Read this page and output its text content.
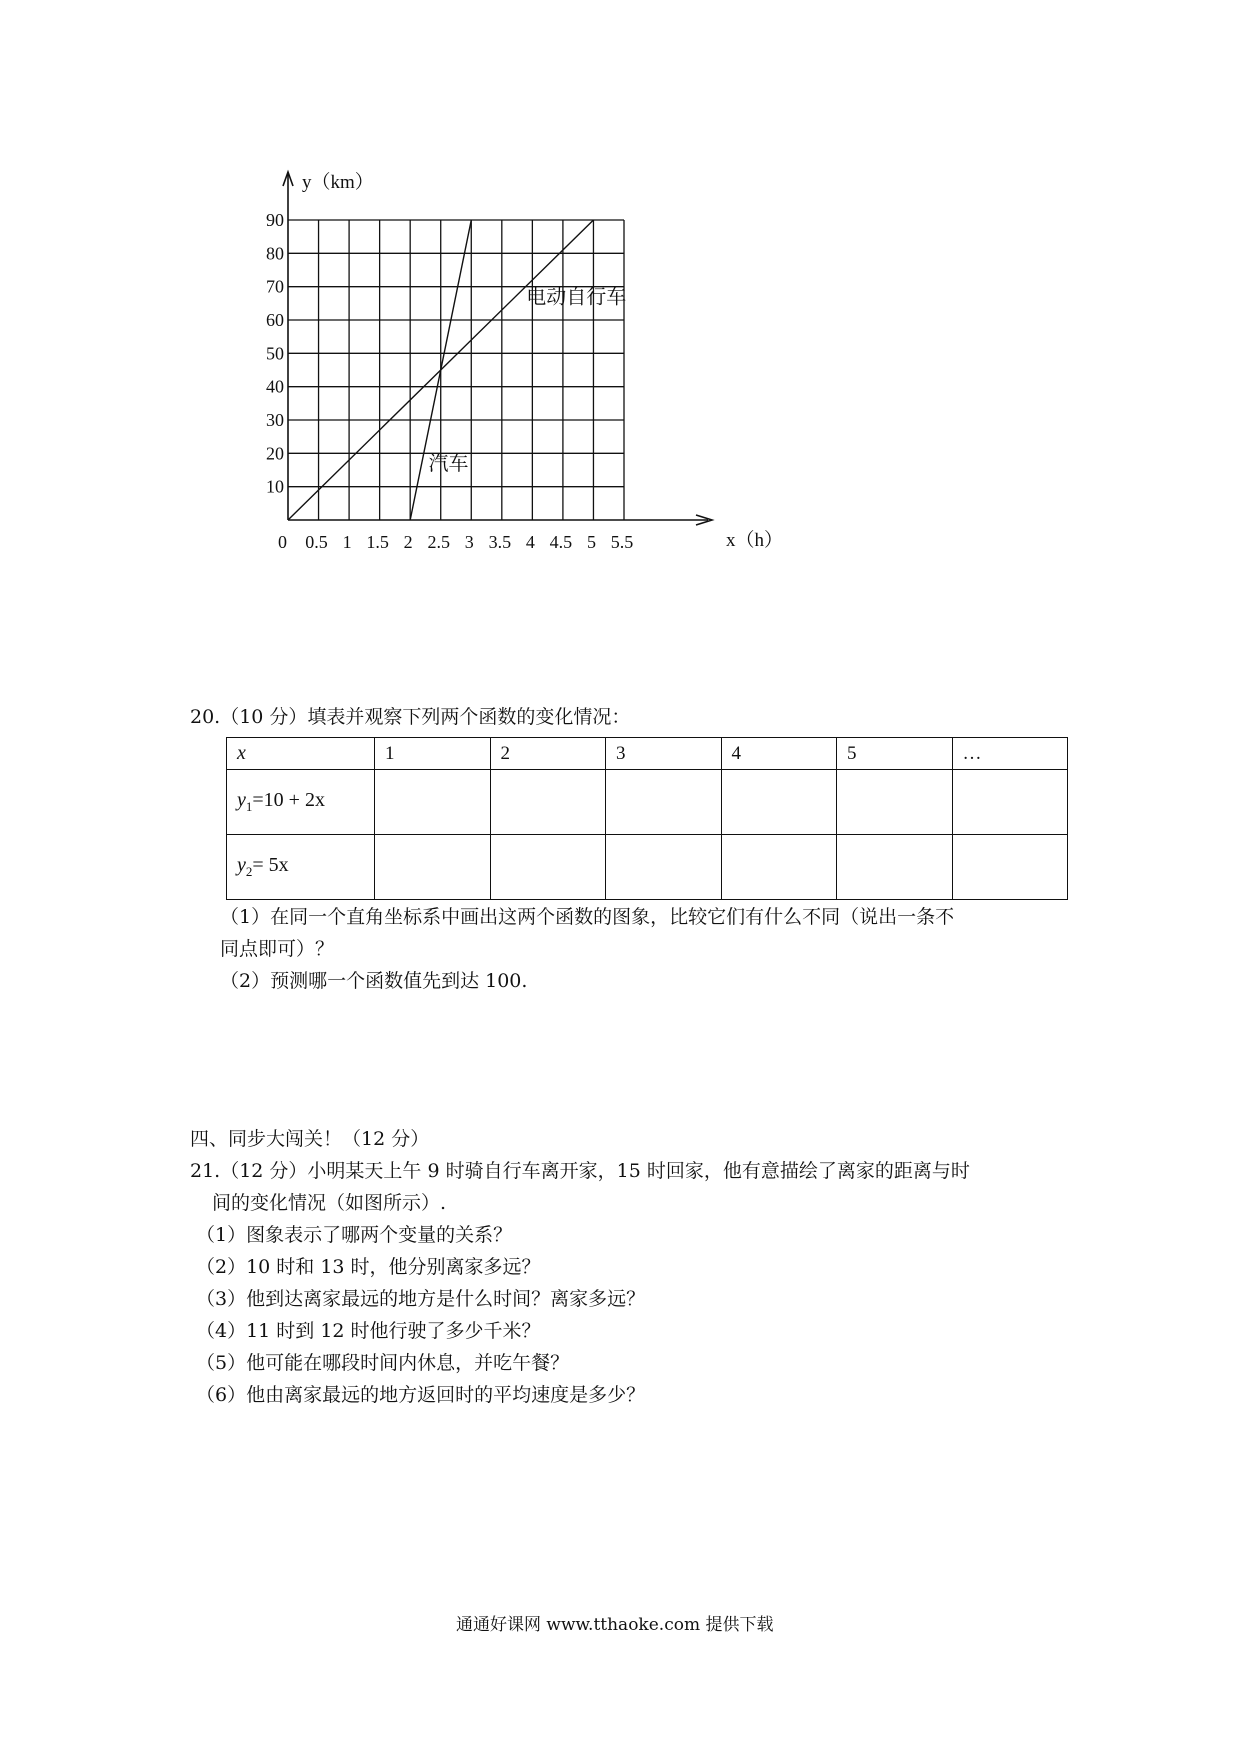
0 0.5 1 1.5 2 2.5 3 3.5 4 4.5 5 5.5
10
20
30
40
50
60
70
80
90
电动自行车
汽车
y（km）
x（h）
20.（10 分）填表并观察下列两个函数的变化情况：
x	1	2	3	4	5	…
$y_1=10 + 2x$						
$y_2= 5x$						
（1）在同一个直角坐标系中画出这两个函数的图象，比较它们有什么不同（说出一条不
同点即可）？
（2）预测哪一个函数值先到达 100.
四、同步大闯关！（12 分）
21.（12 分）小明某天上午 9 时骑自行车离开家，15 时回家，他有意描绘了离家的距离与时
间的变化情况（如图所示）.
（1）图象表示了哪两个变量的关系？
（2）10 时和 13 时，他分别离家多远？
（3）他到达离家最远的地方是什么时间？离家多远？
（4）11 时到 12 时他行驶了多少千米？
（5）他可能在哪段时间内休息，并吃午餐？
（6）他由离家最远的地方返回时的平均速度是多少？
通通好课网 www.tthaoke.com 提供下载
